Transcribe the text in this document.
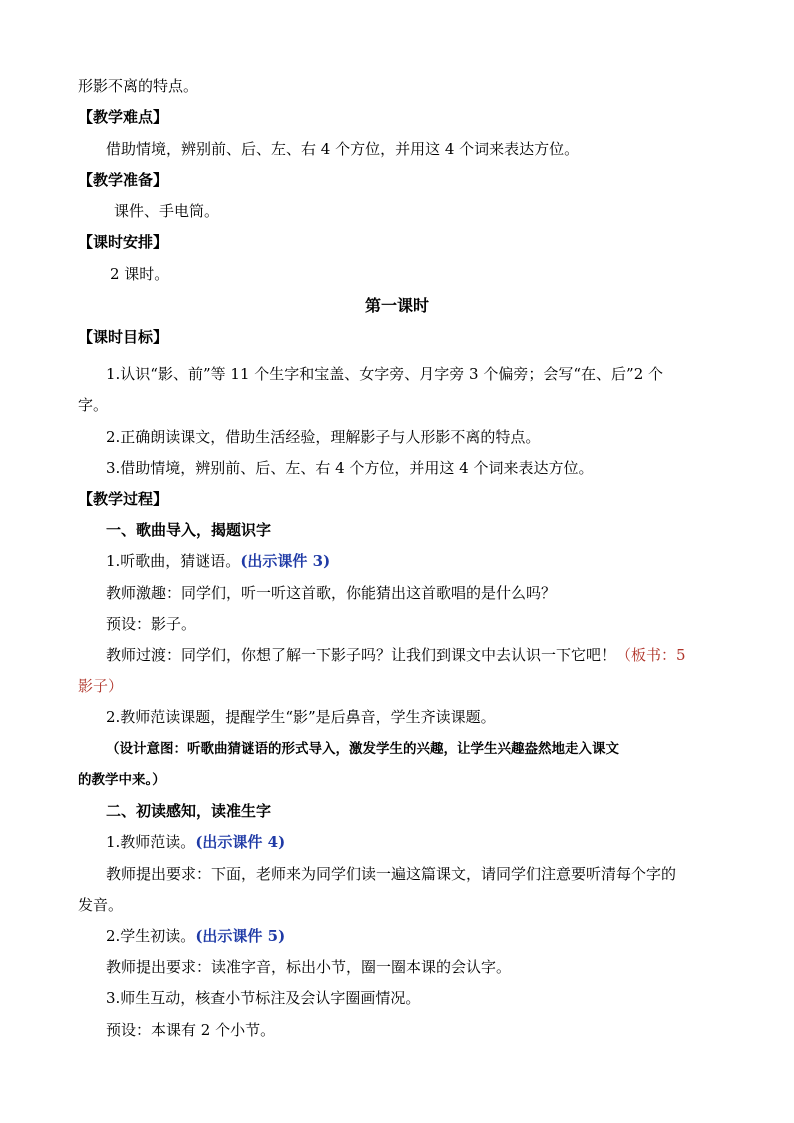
形影不离的特点。
【教学难点】
借助情境，辨别前、后、左、右 4 个方位，并用这 4 个词来表达方位。
【教学准备】
课件、手电筒。
【课时安排】
2 课时。
第一课时
【课时目标】
1.认识“影、前”等 11 个生字和宝盖、女字旁、月字旁 3 个偏旁；会写“在、后”2 个
字。
2.正确朗读课文，借助生活经验，理解影子与人形影不离的特点。
3.借助情境，辨别前、后、左、右 4 个方位，并用这 4 个词来表达方位。
【教学过程】
一、歌曲导入，揭题识字
1.听歌曲，猜谜语。(出示课件 3)
教师激趣：同学们，听一听这首歌，你能猜出这首歌唱的是什么吗？
预设：影子。
教师过渡：同学们，你想了解一下影子吗？让我们到课文中去认识一下它吧！（板书：5
影子）
2.教师范读课题，提醒学生“影”是后鼻音，学生齐读课题。
（设计意图：听歌曲猜谜语的形式导入，激发学生的兴趣，让学生兴趣盎然地走入课文
的教学中来。）
二、初读感知，读准生字
1.教师范读。(出示课件 4)
教师提出要求：下面，老师来为同学们读一遍这篇课文，请同学们注意要听清每个字的
发音。
2.学生初读。(出示课件 5)
教师提出要求：读准字音，标出小节，圈一圈本课的会认字。
3.师生互动，核查小节标注及会认字圈画情况。
预设：本课有 2 个小节。
